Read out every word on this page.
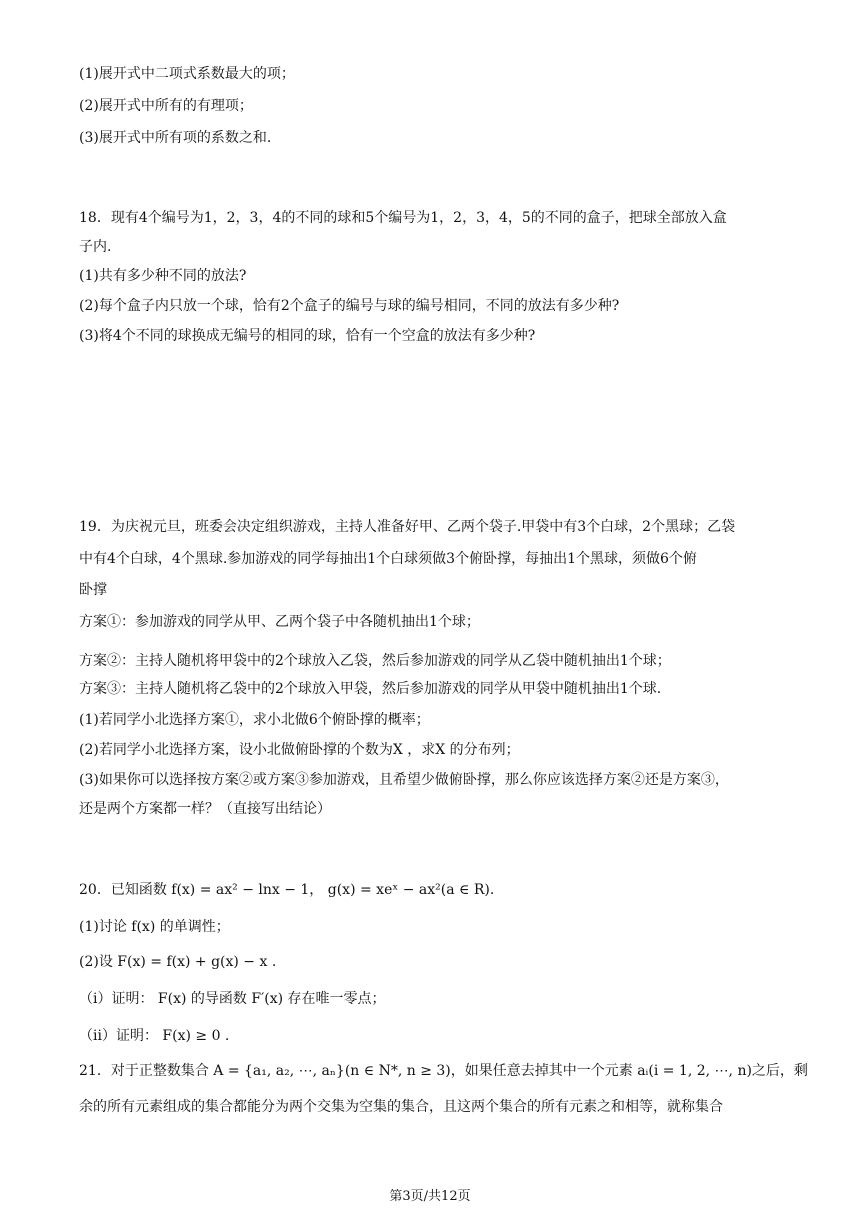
(1)展开式中二项式系数最大的项；
(2)展开式中所有的有理项；
(3)展开式中所有项的系数之和.
18．现有4个编号为1，2，3，4的不同的球和5个编号为1，2，3，4，5的不同的盒子，把球全部放入盒
子内.
(1)共有多少种不同的放法?
(2)每个盒子内只放一个球，恰有2个盒子的编号与球的编号相同，不同的放法有多少种?
(3)将4个不同的球换成无编号的相同的球，恰有一个空盒的放法有多少种?
19．为庆祝元旦，班委会决定组织游戏，主持人准备好甲、乙两个袋子.甲袋中有3个白球，2个黑球；乙袋
中有4个白球，4个黑球.参加游戏的同学每抽出1个白球须做3个俯卧撑，每抽出1个黑球，须做6个俯
卧撑
方案①：参加游戏的同学从甲、乙两个袋子中各随机抽出1个球；
方案②：主持人随机将甲袋中的2个球放入乙袋，然后参加游戏的同学从乙袋中随机抽出1个球；
方案③：主持人随机将乙袋中的2个球放入甲袋，然后参加游戏的同学从甲袋中随机抽出1个球.
(1)若同学小北选择方案①，求小北做6个俯卧撑的概率；
(2)若同学小北选择方案，设小北做俯卧撑的个数为X ，求X 的分布列；
(3)如果你可以选择按方案②或方案③参加游戏，且希望少做俯卧撑，那么你应该选择方案②还是方案③，
还是两个方案都一样？（直接写出结论）
20．已知函数 f(x) = ax² − lnx − 1， g(x) = xeˣ − ax²(a ∈ R).
(1)讨论 f(x) 的单调性；
(2)设 F(x) = f(x) + g(x) − x .
（i）证明： F(x) 的导函数 F′(x) 存在唯一零点；
（ii）证明： F(x) ≥ 0 .
21．对于正整数集合 A = {a₁, a₂, ⋯, aₙ}(n ∈ N*, n ≥ 3)，如果任意去掉其中一个元素 aᵢ(i = 1, 2, ⋯, n)之后，剩
余的所有元素组成的集合都能分为两个交集为空集的集合，且这两个集合的所有元素之和相等，就称集合
第3页/共12页
